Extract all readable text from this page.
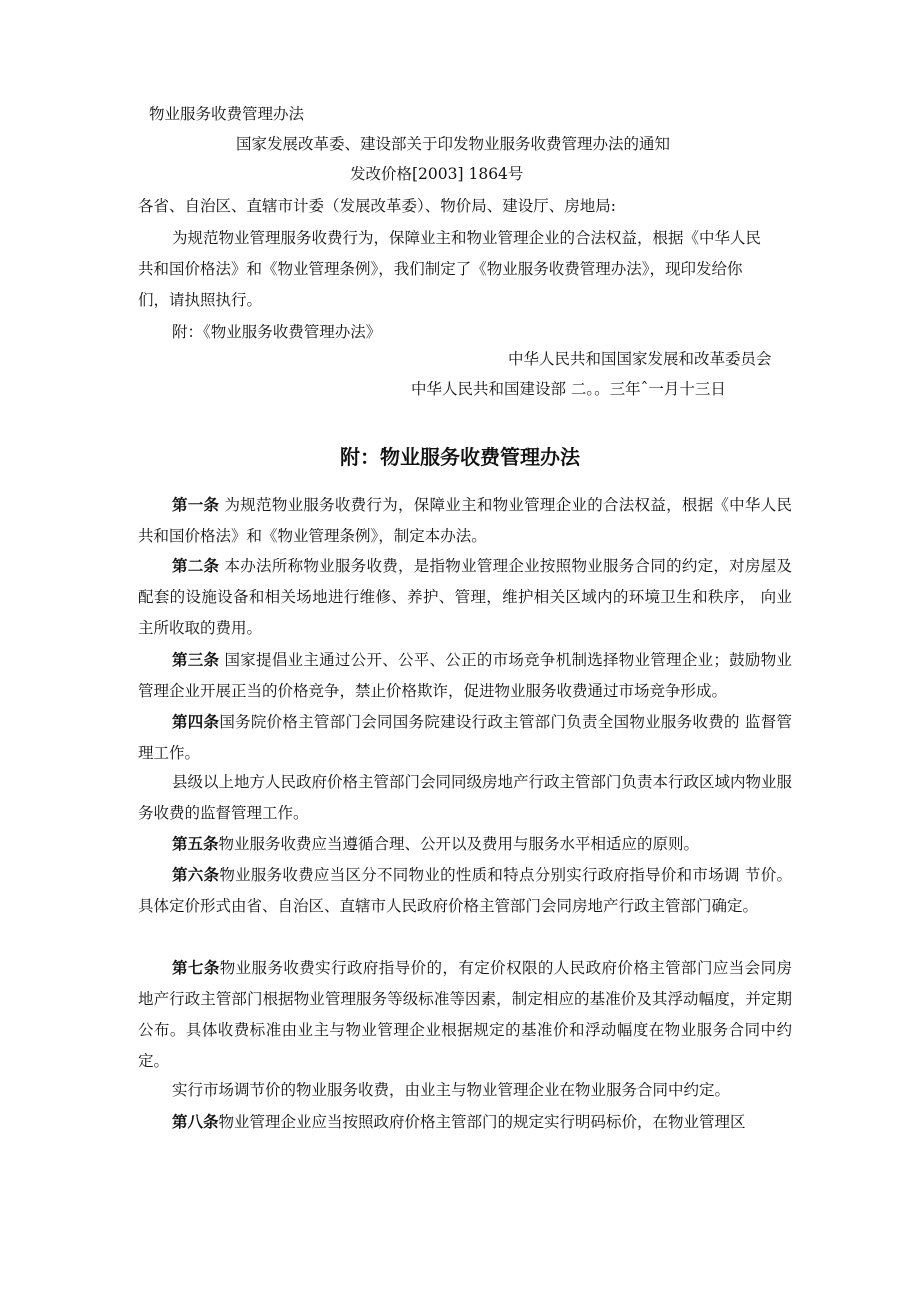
物业服务收费管理办法
国家发展改革委、建设部关于印发物业服务收费管理办法的通知
发改价格[2003] 1864号
各省、自治区、直辖市计委（发展改革委）、物价局、建设厅、房地局:
为规范物业管理服务收费行为，保障业主和物业管理企业的合法权益，根据《中华人民
共和国价格法》和《物业管理条例》，我们制定了《物业服务收费管理办法》，现印发给你
们，请执照执行。
附：《物业服务收费管理办法》
中华人民共和国国家发展和改革委员会
中华人民共和国建设部 二。。三年ˆ一月十三日
附：物业服务收费管理办法
第一条 为规范物业服务收费行为，保障业主和物业管理企业的合法权益，根据《中华人民共和国价格法》和《物业管理条例》，制定本办法。
第二条 本办法所称物业服务收费，是指物业管理企业按照物业服务合同的约定，对房屋及配套的设施设备和相关场地进行维修、养护、管理，维护相关区域内的环境卫生和秩序， 向业主所收取的费用。
第三条 国家提倡业主通过公开、公平、公正的市场竞争机制选择物业管理企业；鼓励物业管理企业开展正当的价格竞争，禁止价格欺诈，促进物业服务收费通过市场竞争形成。
第四条国务院价格主管部门会同国务院建设行政主管部门负责全国物业服务收费的 监督管理工作。
县级以上地方人民政府价格主管部门会同同级房地产行政主管部门负责本行政区域内物业服务收费的监督管理工作。
第五条物业服务收费应当遵循合理、公开以及费用与服务水平相适应的原则。
第六条物业服务收费应当区分不同物业的性质和特点分别实行政府指导价和市场调 节价。具体定价形式由省、自治区、直辖市人民政府价格主管部门会同房地产行政主管部门确定。
第七条物业服务收费实行政府指导价的，有定价权限的人民政府价格主管部门应当会同房地产行政主管部门根据物业管理服务等级标准等因素，制定相应的基准价及其浮动幅度，并定期公布。具体收费标准由业主与物业管理企业根据规定的基准价和浮动幅度在物业服务合同中约定。
实行市场调节价的物业服务收费，由业主与物业管理企业在物业服务合同中约定。
第八条物业管理企业应当按照政府价格主管部门的规定实行明码标价，在物业管理区
